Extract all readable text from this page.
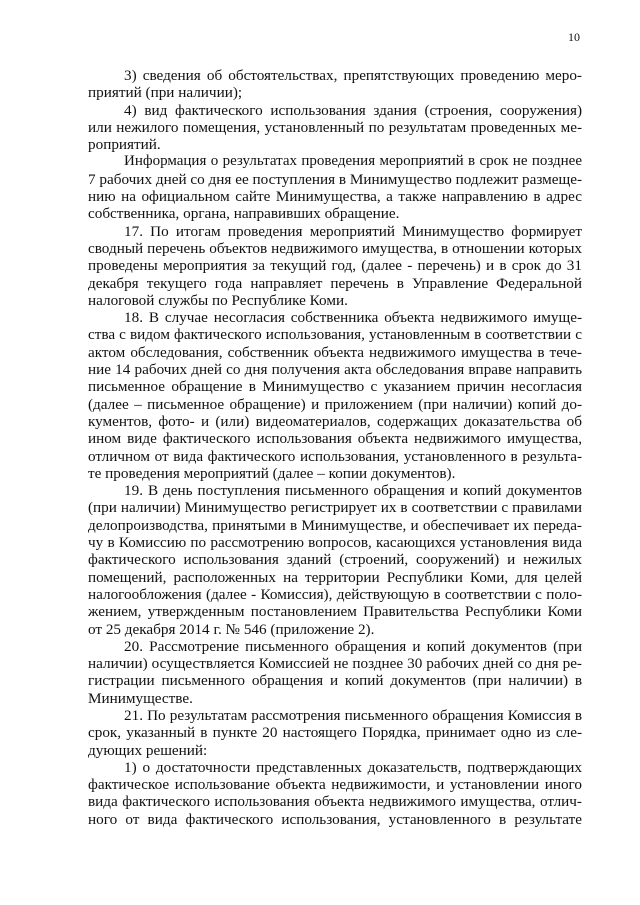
10
3) сведения об обстоятельствах, препятствующих проведению меро-
приятий (при наличии);
4) вид фактического использования здания (строения, сооружения)
или нежилого помещения, установленный по результатам проведенных ме-
роприятий.
Информация о результатах проведения мероприятий в срок не позднее
7 рабочих дней со дня ее поступления в Минимущество подлежит размеще-
нию на официальном сайте Минимущества, а также направлению в адрес
собственника, органа, направивших обращение.
17. По итогам проведения мероприятий Минимущество формирует
сводный перечень объектов недвижимого имущества, в отношении которых
проведены мероприятия за текущий год, (далее - перечень) и в срок до 31
декабря текущего года направляет перечень в Управление Федеральной
налоговой службы по Республике Коми.
18. В случае несогласия собственника объекта недвижимого имуще-
ства с видом фактического использования, установленным в соответствии с
актом обследования, собственник объекта недвижимого имущества в тече-
ние 14 рабочих дней со дня получения акта обследования вправе направить
письменное обращение в Минимущество с указанием причин несогласия
(далее – письменное обращение) и приложением (при наличии) копий до-
кументов, фото- и (или) видеоматериалов, содержащих доказательства об
ином виде фактического использования объекта недвижимого имущества,
отличном от вида фактического использования, установленного в результа-
те проведения мероприятий (далее – копии документов).
19. В день поступления письменного обращения и копий документов
(при наличии) Минимущество регистрирует их в соответствии с правилами
делопроизводства, принятыми в Минимуществе, и обеспечивает их переда-
чу в Комиссию по рассмотрению вопросов, касающихся установления вида
фактического использования зданий (строений, сооружений) и нежилых
помещений, расположенных на территории Республики Коми, для целей
налогообложения (далее - Комиссия), действующую в соответствии с поло-
жением, утвержденным постановлением Правительства Республики Коми
от 25 декабря 2014 г. № 546 (приложение 2).
20. Рассмотрение письменного обращения и копий документов (при
наличии) осуществляется Комиссией не позднее 30 рабочих дней со дня ре-
гистрации письменного обращения и копий документов (при наличии) в
Минимуществе.
21. По результатам рассмотрения письменного обращения Комиссия в
срок, указанный в пункте 20 настоящего Порядка, принимает одно из сле-
дующих решений:
1) о достаточности представленных доказательств, подтверждающих
фактическое использование объекта недвижимости, и установлении иного
вида фактического использования объекта недвижимого имущества, отлич-
ного от вида фактического использования, установленного в результате
